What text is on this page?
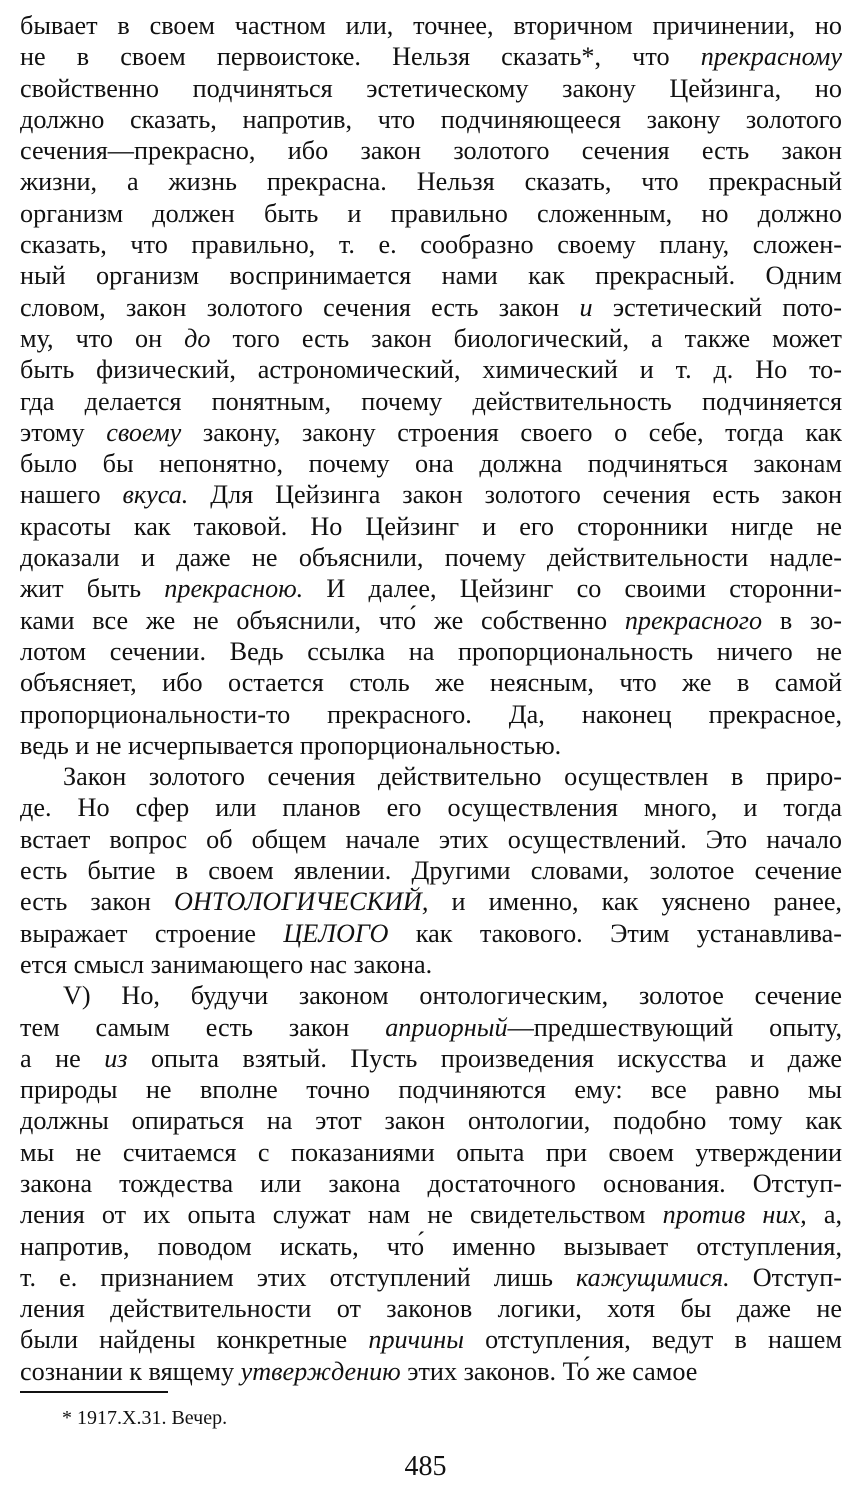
бывает в своем частном или, точнее, вторичном причинении, но
не в своем первоистоке. Нельзя сказать*, что прекрасному
свойственно подчиняться эстетическому закону Цейзинга, но
должно сказать, напротив, что подчиняющееся закону золотого
сечения—прекрасно, ибо закон золотого сечения есть закон
жизни, а жизнь прекрасна. Нельзя сказать, что прекрасный
организм должен быть и правильно сложенным, но должно
сказать, что правильно, т. е. сообразно своему плану, сложен-
ный организм воспринимается нами как прекрасный. Одним
словом, закон золотого сечения есть закон и эстетический пото-
му, что он до того есть закон биологический, а также может
быть физический, астрономический, химический и т. д. Но то-
гда делается понятным, почему действительность подчиняется
этому своему закону, закону строения своего о себе, тогда как
было бы непонятно, почему она должна подчиняться законам
нашего вкуса. Для Цейзинга закон золотого сечения есть закон
красоты как таковой. Но Цейзинг и его сторонники нигде не
доказали и даже не объяснили, почему действительности надле-
жит быть прекрасною. И далее, Цейзинг со своими сторонни-
ками все же не объяснили, что́ же собственно прекрасного в зо-
лотом сечении. Ведь ссылка на пропорциональность ничего не
объясняет, ибо остается столь же неясным, что же в самой
пропорциональности-то прекрасного. Да, наконец прекрасное,
ведь и не исчерпывается пропорциональностью.
Закон золотого сечения действительно осуществлен в приро-
де. Но сфер или планов его осуществления много, и тогда
встает вопрос об общем начале этих осуществлений. Это начало
есть бытие в своем явлении. Другими словами, золотое сечение
есть закон ОНТОЛОГИЧЕСКИЙ, и именно, как уяснено ранее,
выражает строение ЦЕЛОГО как такового. Этим устанавлива-
ется смысл занимающего нас закона.
V) Но, будучи законом онтологическим, золотое сечение
тем самым есть закон априорный—предшествующий опыту,
а не из опыта взятый. Пусть произведения искусства и даже
природы не вполне точно подчиняются ему: все равно мы
должны опираться на этот закон онтологии, подобно тому как
мы не считаемся с показаниями опыта при своем утверждении
закона тождества или закона достаточного основания. Отступ-
ления от их опыта служат нам не свидетельством против них, а,
напротив, поводом искать, что́ именно вызывает отступления,
т. е. признанием этих отступлений лишь кажущимися. Отступ-
ления действительности от законов логики, хотя бы даже не
были найдены конкретные причины отступления, ведут в нашем
сознании к вящему утверждению этих законов. То́ же самое
* 1917.X.31. Вечер.
485
